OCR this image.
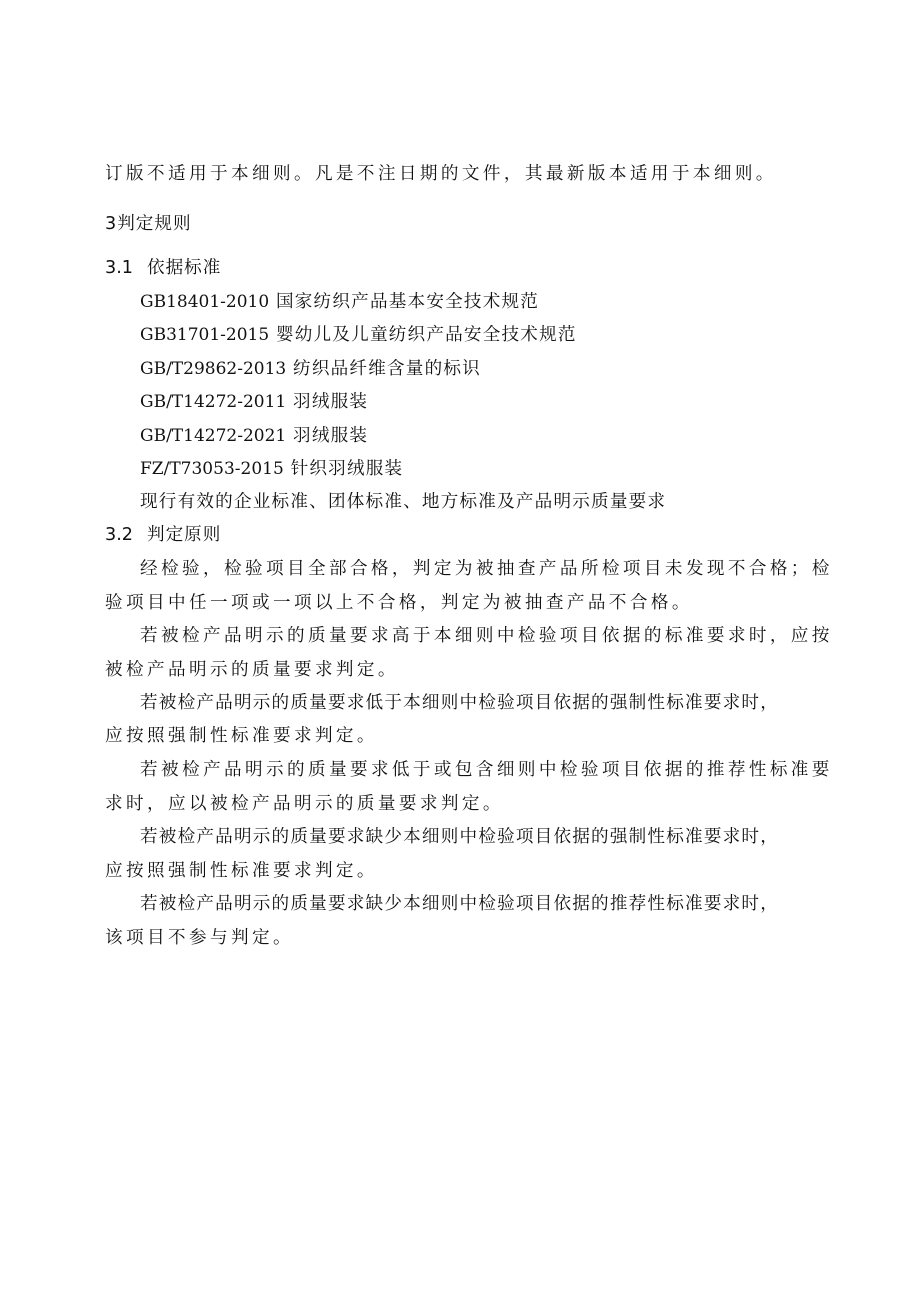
订版不适用于本细则。凡是不注日期的文件，其最新版本适用于本细则。
3判定规则
3.1 依据标准
GB18401-2010 国家纺织产品基本安全技术规范
GB31701-2015 婴幼儿及儿童纺织产品安全技术规范
GB/T29862-2013 纺织品纤维含量的标识
GB/T14272-2011 羽绒服装
GB/T14272-2021 羽绒服装
FZ/T73053-2015 针织羽绒服装
现行有效的企业标准、团体标准、地方标准及产品明示质量要求
3.2 判定原则
经检验，检验项目全部合格，判定为被抽查产品所检项目未发现不合格；检
验项目中任一项或一项以上不合格，判定为被抽查产品不合格。
若被检产品明示的质量要求高于本细则中检验项目依据的标准要求时，应按
被检产品明示的质量要求判定。
若被检产品明示的质量要求低于本细则中检验项目依据的强制性标准要求时，
应按照强制性标准要求判定。
若被检产品明示的质量要求低于或包含细则中检验项目依据的推荐性标准要
求时，应以被检产品明示的质量要求判定。
若被检产品明示的质量要求缺少本细则中检验项目依据的强制性标准要求时，
应按照强制性标准要求判定。
若被检产品明示的质量要求缺少本细则中检验项目依据的推荐性标准要求时，
该项目不参与判定。
